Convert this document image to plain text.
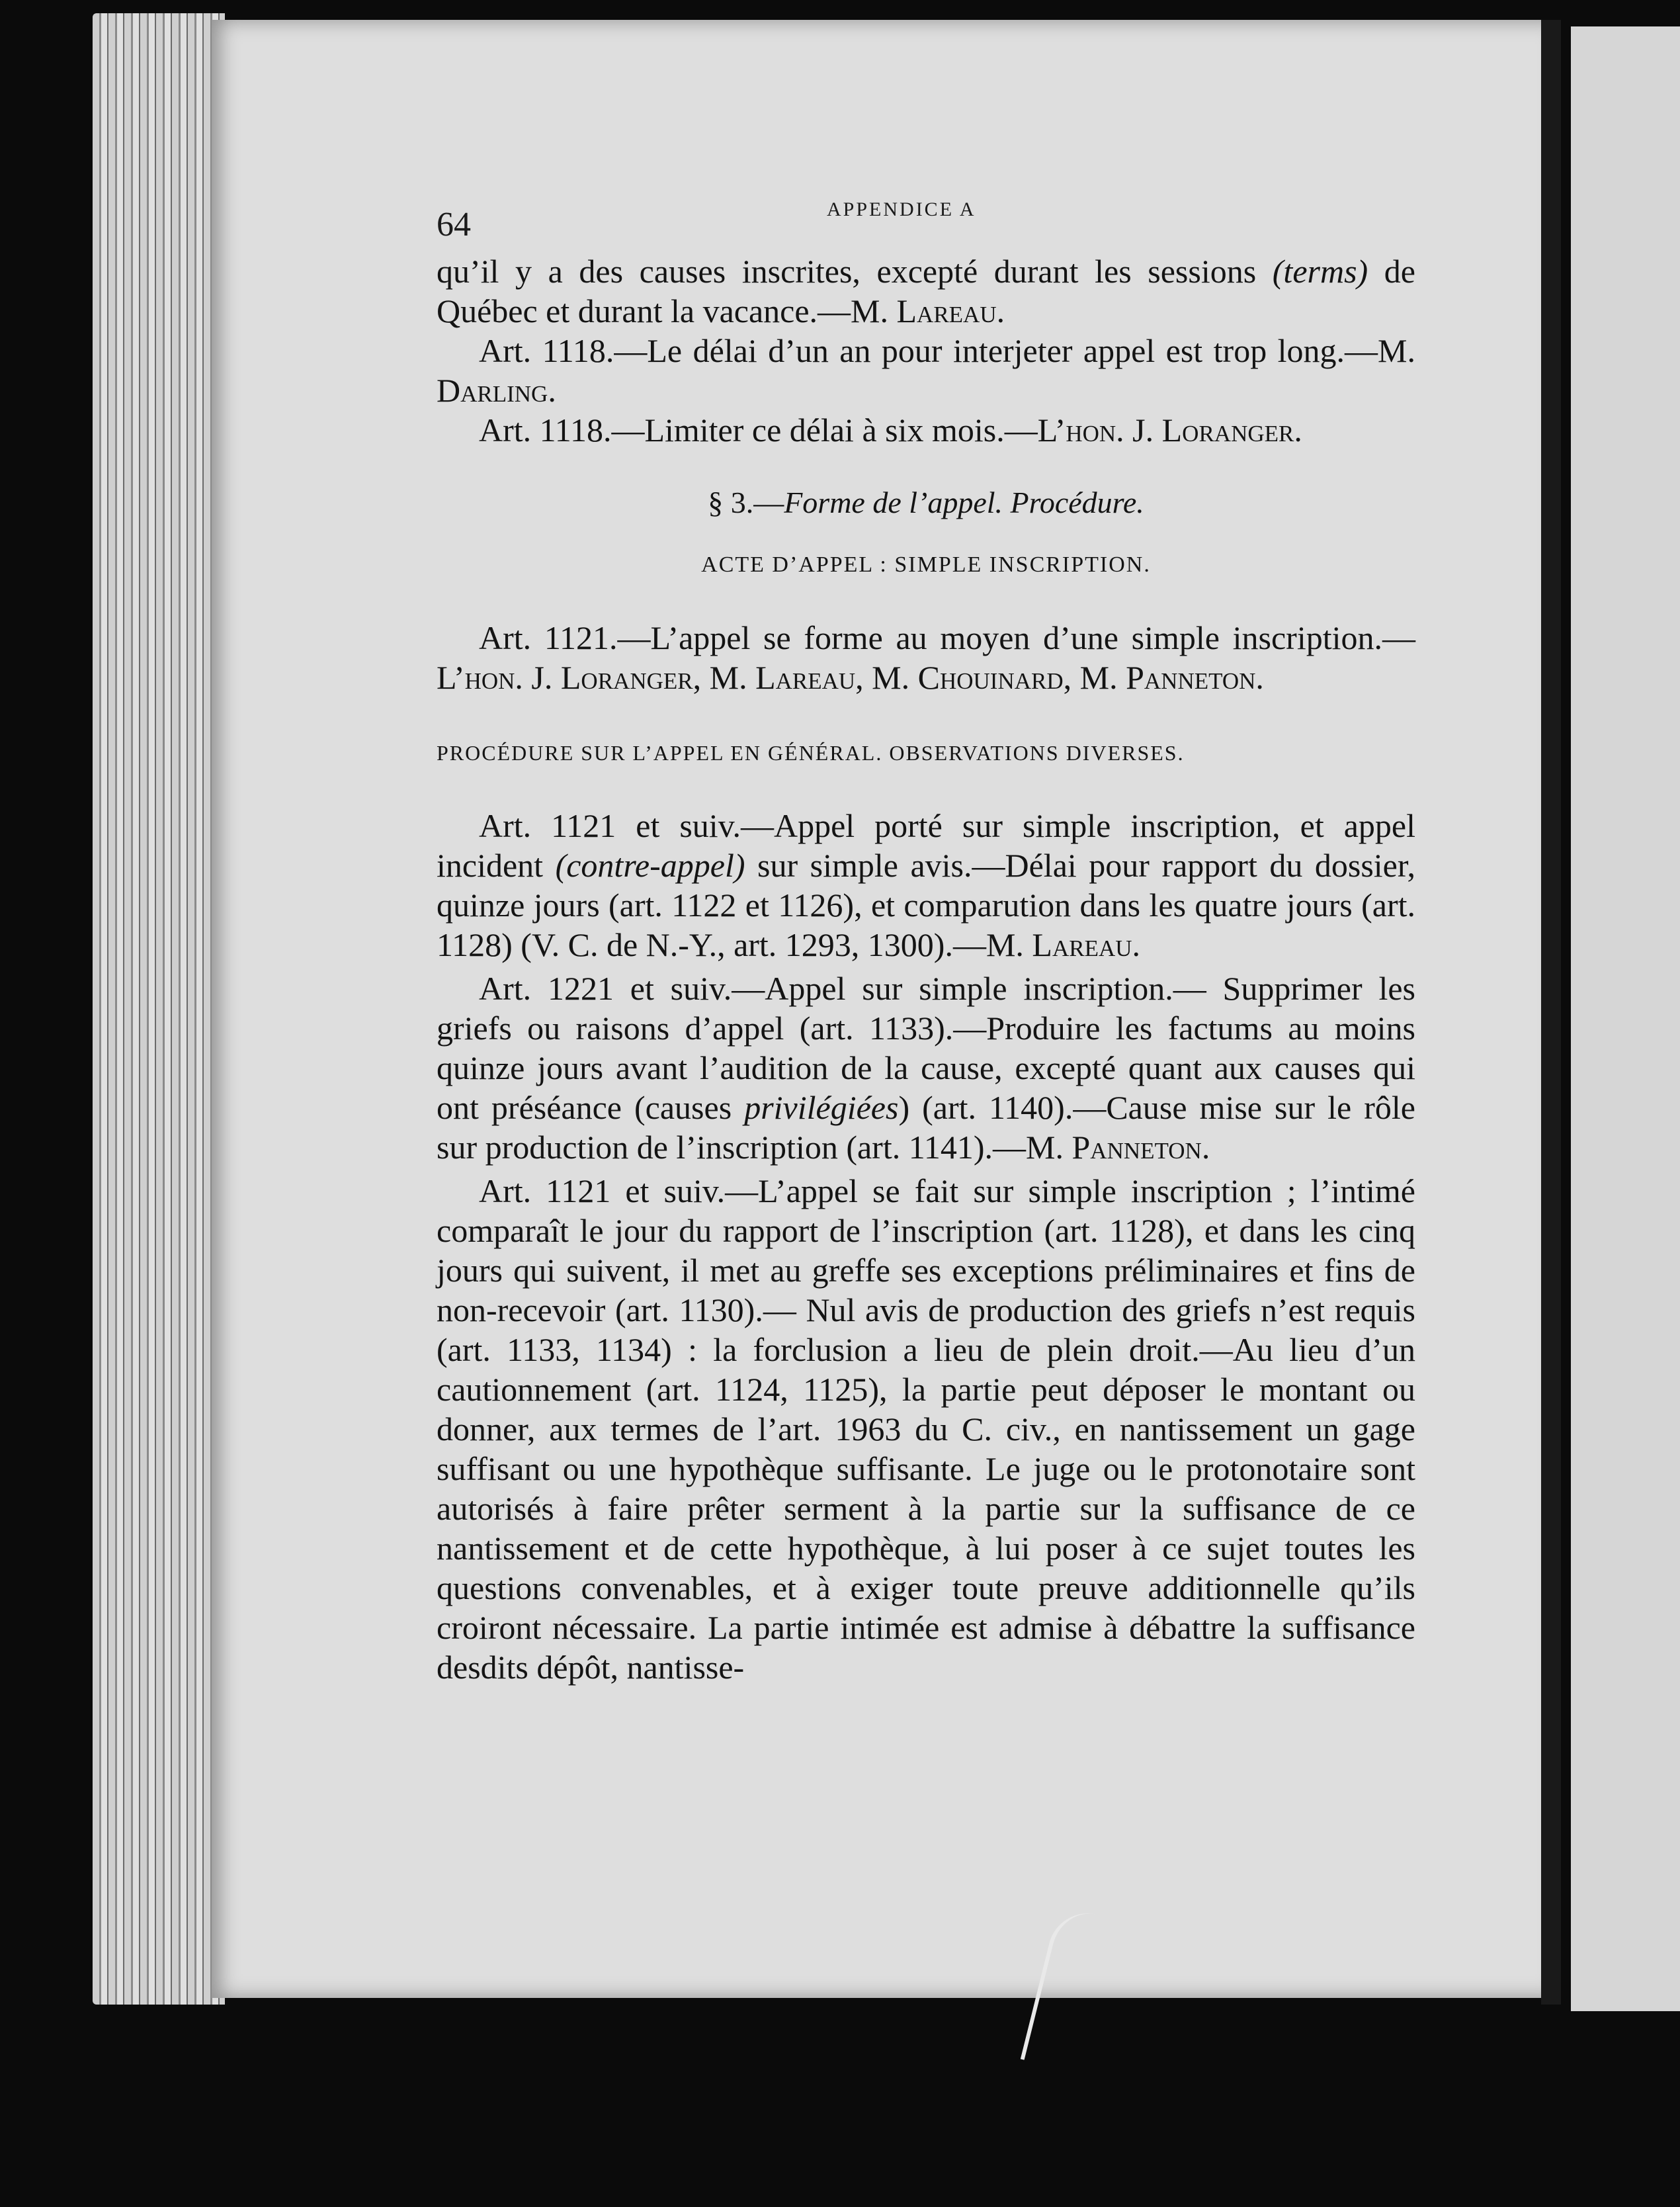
64	APPENDICE A

qu’il y a des causes inscrites, excepté durant les sessions (terms) de Québec et durant la vacance.—M. Lareau.

Art. 1118.—Le délai d’un an pour interjeter appel est trop long.—M. Darling.

Art. 1118.—Limiter ce délai à six mois.—L’hon. J. Loranger.

§ 3.—Forme de l’appel. Procédure.
ACTE D’APPEL : SIMPLE INSCRIPTION.

Art. 1121.—L’appel se forme au moyen d’une simple inscription.— L’hon. J. Loranger, M. Lareau, M. Chouinard, M. Panneton.

PROCÉDURE SUR L’APPEL EN GÉNÉRAL. OBSERVATIONS DIVERSES.

Art. 1121 et suiv.—Appel porté sur simple inscription, et appel incident (contre-appel) sur simple avis.—Délai pour rapport du dossier, quinze jours (art. 1122 et 1126), et comparution dans les quatre jours (art. 1128) (V. C. de N.-Y., art. 1293, 1300).—M. Lareau.

Art. 1221 et suiv.—Appel sur simple inscription.— Supprimer les griefs ou raisons d’appel (art. 1133).—Produire les factums au moins quinze jours avant l’audition de la cause, excepté quant aux causes qui ont préséance (causes privilégiées) (art. 1140).—Cause mise sur le rôle sur production de l’inscription (art. 1141).—M. Panneton.

Art. 1121 et suiv.—L’appel se fait sur simple inscription ; l’intimé comparaît le jour du rapport de l’inscription (art. 1128), et dans les cinq jours qui suivent, il met au greffe ses exceptions préliminaires et fins de non-recevoir (art. 1130).— Nul avis de production des griefs n’est requis (art. 1133, 1134) : la forclusion a lieu de plein droit.—Au lieu d’un cautionnement (art. 1124, 1125), la partie peut déposer le montant ou donner, aux termes de l’art. 1963 du C. civ., en nantissement un gage suffisant ou une hypothèque suffisante. Le juge ou le protonotaire sont autorisés à faire prêter serment à la partie sur la suffisance de ce nantissement et de cette hypothèque, à lui poser à ce sujet toutes les questions convenables, et à exiger toute preuve additionnelle qu’ils croiront nécessaire. La partie intimée est admise à débattre la suffisance desdits dépôt, nantisse-
